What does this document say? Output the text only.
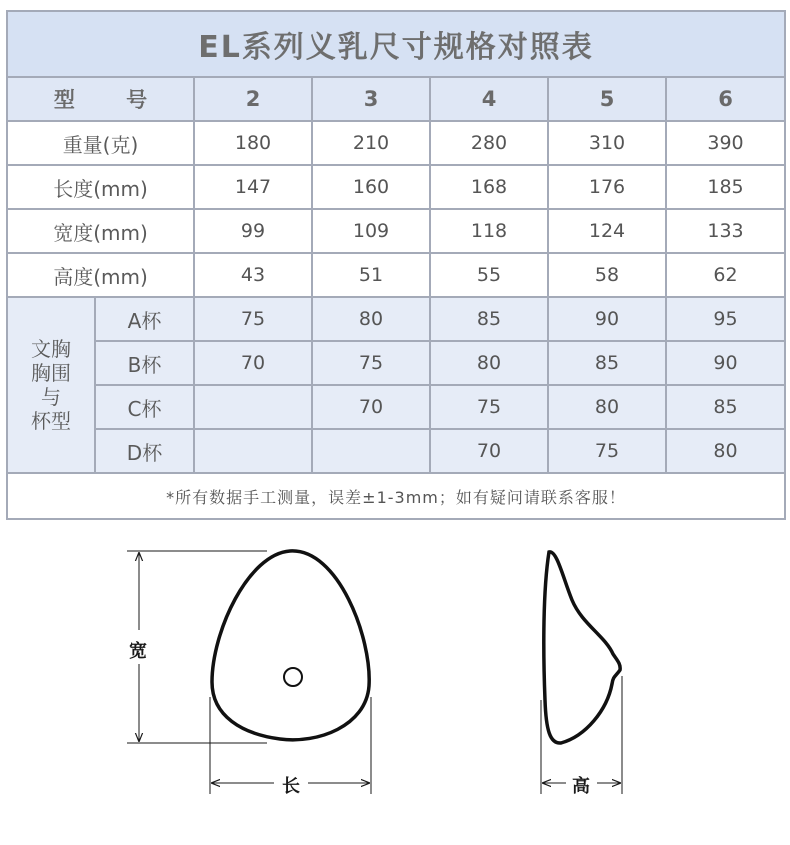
EL系列义乳尺寸规格对照表						
型 号		2	3	4	5	6
重量(克)		180	210	280	310	390
长度(mm)		147	160	168	176	185
宽度(mm)		99	109	118	124	133
高度(mm)		43	51	55	58	62

文胸
胸围
与
杯型	A杯	75	80	85	90	95
	B杯	70	75	80	85	90
	C杯		70	75	80	85
	D杯			70	75	80
*所有数据手工测量，误差±1-3mm；如有疑问请联系客服！						
宽
长	高
